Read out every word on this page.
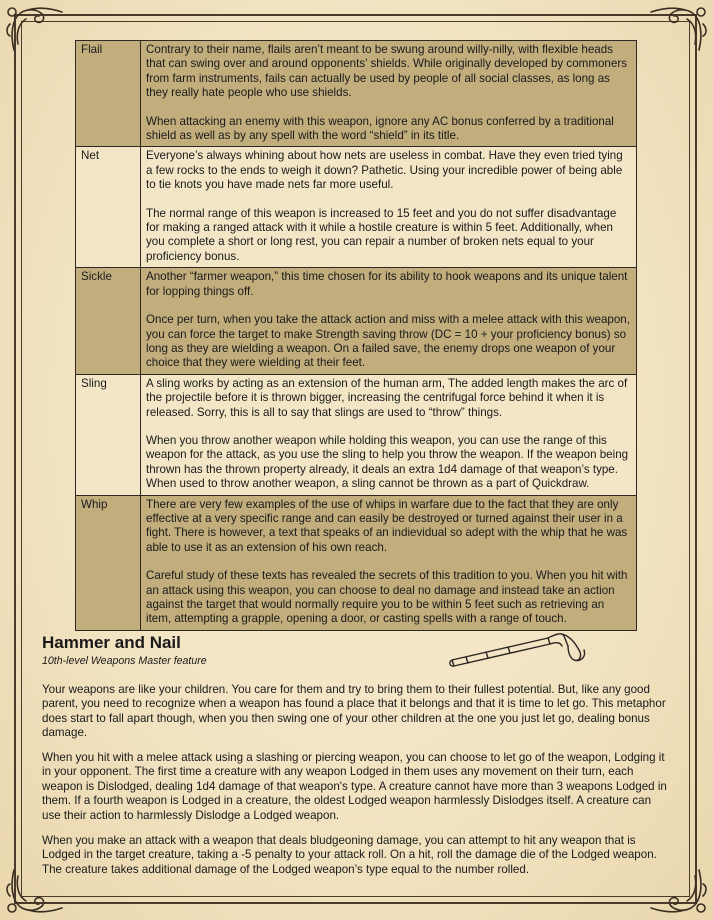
Flail	Contrary to their name, flails aren’t meant to be swung around willy-nilly, with flexible heads that can swing over and around opponents’ shields. While originally developed by commoners from farm instruments, fails can actually be used by people of all social classes, as long as they really hate people who use shields.

When attacking an enemy with this weapon, ignore any AC bonus conferred by a traditional shield as well as by any spell with the word “shield” in its title.

Net	Everyone’s always whining about how nets are useless in combat. Have they even tried tying a few rocks to the ends to weigh it down? Pathetic. Using your incredible power of being able to tie knots you have made nets far more useful.

The normal range of this weapon is increased to 15 feet and you do not suffer disadvantage for making a ranged attack with it while a hostile creature is within 5 feet. Additionally, when you complete a short or long rest, you can repair a number of broken nets equal to your proficiency bonus.

Sickle	Another “farmer weapon,” this time chosen for its ability to hook weapons and its unique talent for lopping things off.

Once per turn, when you take the attack action and miss with a melee attack with this weapon, you can force the target to make Strength saving throw (DC = 10 + your proficiency bonus) so long as they are wielding a weapon. On a failed save, the enemy drops one weapon of your choice that they were wielding at their feet.

Sling	A sling works by acting as an extension of the human arm, The added length makes the arc of the projectile before it is thrown bigger, increasing the centrifugal force behind it when it is released. Sorry, this is all to say that slings are used to “throw” things.

When you throw another weapon while holding this weapon, you can use the range of this weapon for the attack, as you use the sling to help you throw the weapon. If the weapon being thrown has the thrown property already, it deals an extra 1d4 damage of that weapon’s type. When used to throw another weapon, a sling cannot be thrown as a part of Quickdraw.

Whip	There are very few examples of the use of whips in warfare due to the fact that they are only effective at a very specific range and can easily be destroyed or turned against their user in a fight. There is however, a text that speaks of an indievidual so adept with the whip that he was able to use it as an extension of his own reach.

Careful study of these texts has revealed the secrets of this tradition to you. When you hit with an attack using this weapon, you can choose to deal no damage and instead take an action against the target that would normally require you to be within 5 feet such as retrieving an item, attempting a grapple, opening a door, or casting spells with a range of touch.

Hammer and Nail

10th-level Weapons Master feature

Your weapons are like your children. You care for them and try to bring them to their fullest potential. But, like any good parent, you need to recognize when a weapon has found a place that it belongs and that it is time to let go. This metaphor does start to fall apart though, when you then swing one of your other children at the one you just let go, dealing bonus damage.

When you hit with a melee attack using a slashing or piercing weapon, you can choose to let go of the weapon, Lodging it in your opponent. The first time a creature with any weapon Lodged in them uses any movement on their turn, each weapon is Dislodged, dealing 1d4 damage of that weapon's type. A creature cannot have more than 3 weapons Lodged in them. If a fourth weapon is Lodged in a creature, the oldest Lodged weapon harmlessly Dislodges itself. A creature can use their action to harmlessly Dislodge a Lodged weapon.

When you make an attack with a weapon that deals bludgeoning damage, you can attempt to hit any weapon that is Lodged in the target creature, taking a -5 penalty to your attack roll. On a hit, roll the damage die of the Lodged weapon. The creature takes additional damage of the Lodged weapon’s type equal to the number rolled.
